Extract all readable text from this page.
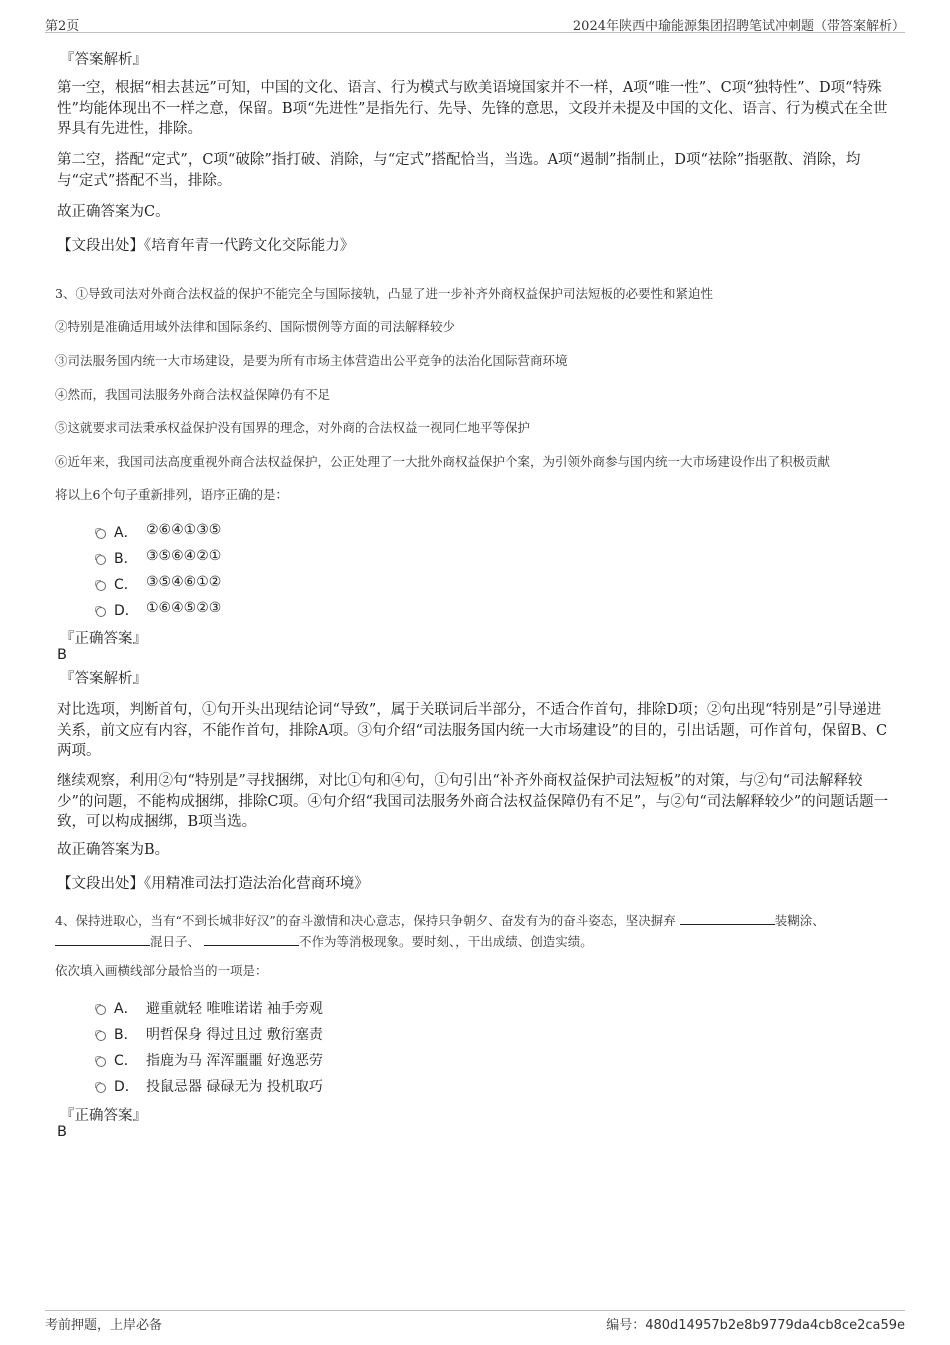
第2页	2024年陕西中瑜能源集团招聘笔试冲刺题（带答案解析）
『答案解析』

第一空，根据“相去甚远”可知，中国的文化、语言、行为模式与欧美语境国家并不一样，A项“唯一性”、C项“独特性”、D项“特殊性”均能体现出不一样之意，保留。B项“先进性”是指先行、先导、先锋的意思，文段并未提及中国的文化、语言、行为模式在全世界具有先进性，排除。

第二空，搭配“定式”，C项“破除”指打破、消除，与“定式”搭配恰当，当选。A项“遏制”指制止，D项“祛除”指驱散、消除，均与“定式”搭配不当，排除。

故正确答案为C。

【文段出处】《培育年青一代跨文化交际能力》

3、①导致司法对外商合法权益的保护不能完全与国际接轨，凸显了进一步补齐外商权益保护司法短板的必要性和紧迫性

②特别是准确适用域外法律和国际条约、国际惯例等方面的司法解释较少

③司法服务国内统一大市场建设，是要为所有市场主体营造出公平竞争的法治化国际营商环境

④然而，我国司法服务外商合法权益保障仍有不足

⑤这就要求司法秉承权益保护没有国界的理念，对外商的合法权益一视同仁地平等保护

⑥近年来，我国司法高度重视外商合法权益保护，公正处理了一大批外商权益保护个案，为引领外商参与国内统一大市场建设作出了积极贡献

将以上6个句子重新排列，语序正确的是：

A． ②⑥④①③⑤
B． ③⑤⑥④②①
C． ③⑤④⑥①②
D． ①⑥④⑤②③
『正确答案』
B
『答案解析』

对比选项，判断首句，①句开头出现结论词“导致”，属于关联词后半部分，不适合作首句，排除D项；②句出现“特别是”引导递进关系，前文应有内容，不能作首句，排除A项。③句介绍“司法服务国内统一大市场建设”的目的，引出话题，可作首句，保留B、C两项。

继续观察，利用②句“特别是”寻找捆绑，对比①句和④句，①句引出“补齐外商权益保护司法短板”的对策，与②句“司法解释较少”的问题，不能构成捆绑，排除C项。④句介绍“我国司法服务外商合法权益保障仍有不足”，与②句“司法解释较少”的问题话题一致，可以构成捆绑，B项当选。

故正确答案为B。

【文段出处】《用精准司法打造法治化营商环境》

4、保持进取心，当有“不到长城非好汉”的奋斗激情和决心意志，保持只争朝夕、奋发有为的奋斗姿态，坚决摒弃	装糊涂、
混日子、	不作为等消极现象。要时刻、，干出成绩、创造实绩。

依次填入画横线部分最恰当的一项是：

A． 避重就轻 唯唯诺诺 袖手旁观
B． 明哲保身 得过且过 敷衍塞责
C． 指鹿为马 浑浑噩噩 好逸恶劳
D． 投鼠忌器 碌碌无为 投机取巧
『正确答案』
B
考前押题，上岸必备	编号：480d14957b2e8b9779da4cb8ce2ca59e
